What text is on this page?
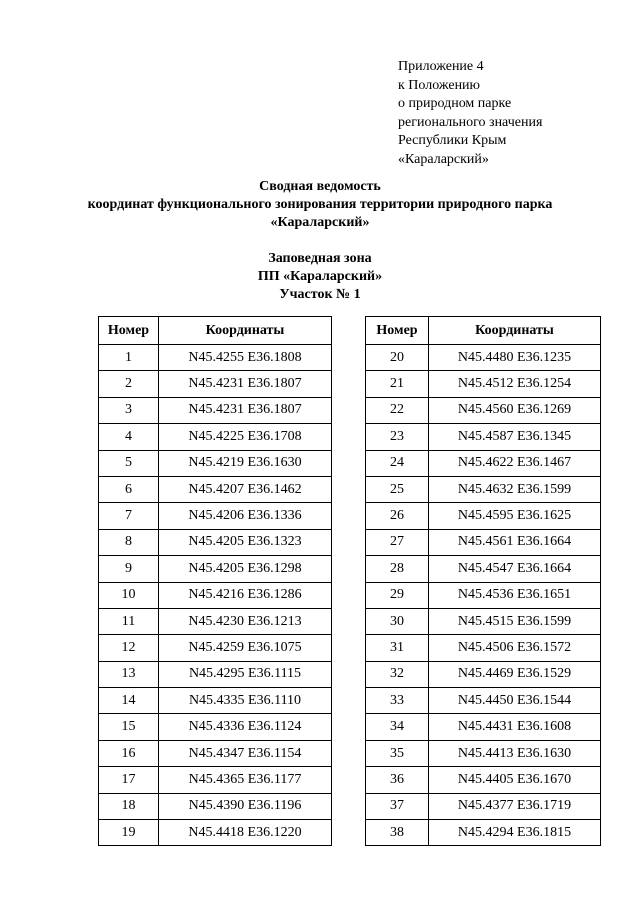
Приложение 4
к Положению
о природном парке
регионального значения
Республики Крым
«Караларский»
Сводная ведомость
координат функционального зонирования территории природного парка
«Караларский»
Заповедная зона
ПП «Караларский»
Участок № 1
Номер	Координаты
1	N45.4255 E36.1808
2	N45.4231 E36.1807
3	N45.4231 E36.1807
4	N45.4225 E36.1708
5	N45.4219 E36.1630
6	N45.4207 E36.1462
7	N45.4206 E36.1336
8	N45.4205 E36.1323
9	N45.4205 E36.1298
10	N45.4216 E36.1286
11	N45.4230 E36.1213
12	N45.4259 E36.1075
13	N45.4295 E36.1115
14	N45.4335 E36.1110
15	N45.4336 E36.1124
16	N45.4347 E36.1154
17	N45.4365 E36.1177
18	N45.4390 E36.1196
19	N45.4418 E36.1220
Номер	Координаты
20	N45.4480 E36.1235
21	N45.4512 E36.1254
22	N45.4560 E36.1269
23	N45.4587 E36.1345
24	N45.4622 E36.1467
25	N45.4632 E36.1599
26	N45.4595 E36.1625
27	N45.4561 E36.1664
28	N45.4547 E36.1664
29	N45.4536 E36.1651
30	N45.4515 E36.1599
31	N45.4506 E36.1572
32	N45.4469 E36.1529
33	N45.4450 E36.1544
34	N45.4431 E36.1608
35	N45.4413 E36.1630
36	N45.4405 E36.1670
37	N45.4377 E36.1719
38	N45.4294 E36.1815
